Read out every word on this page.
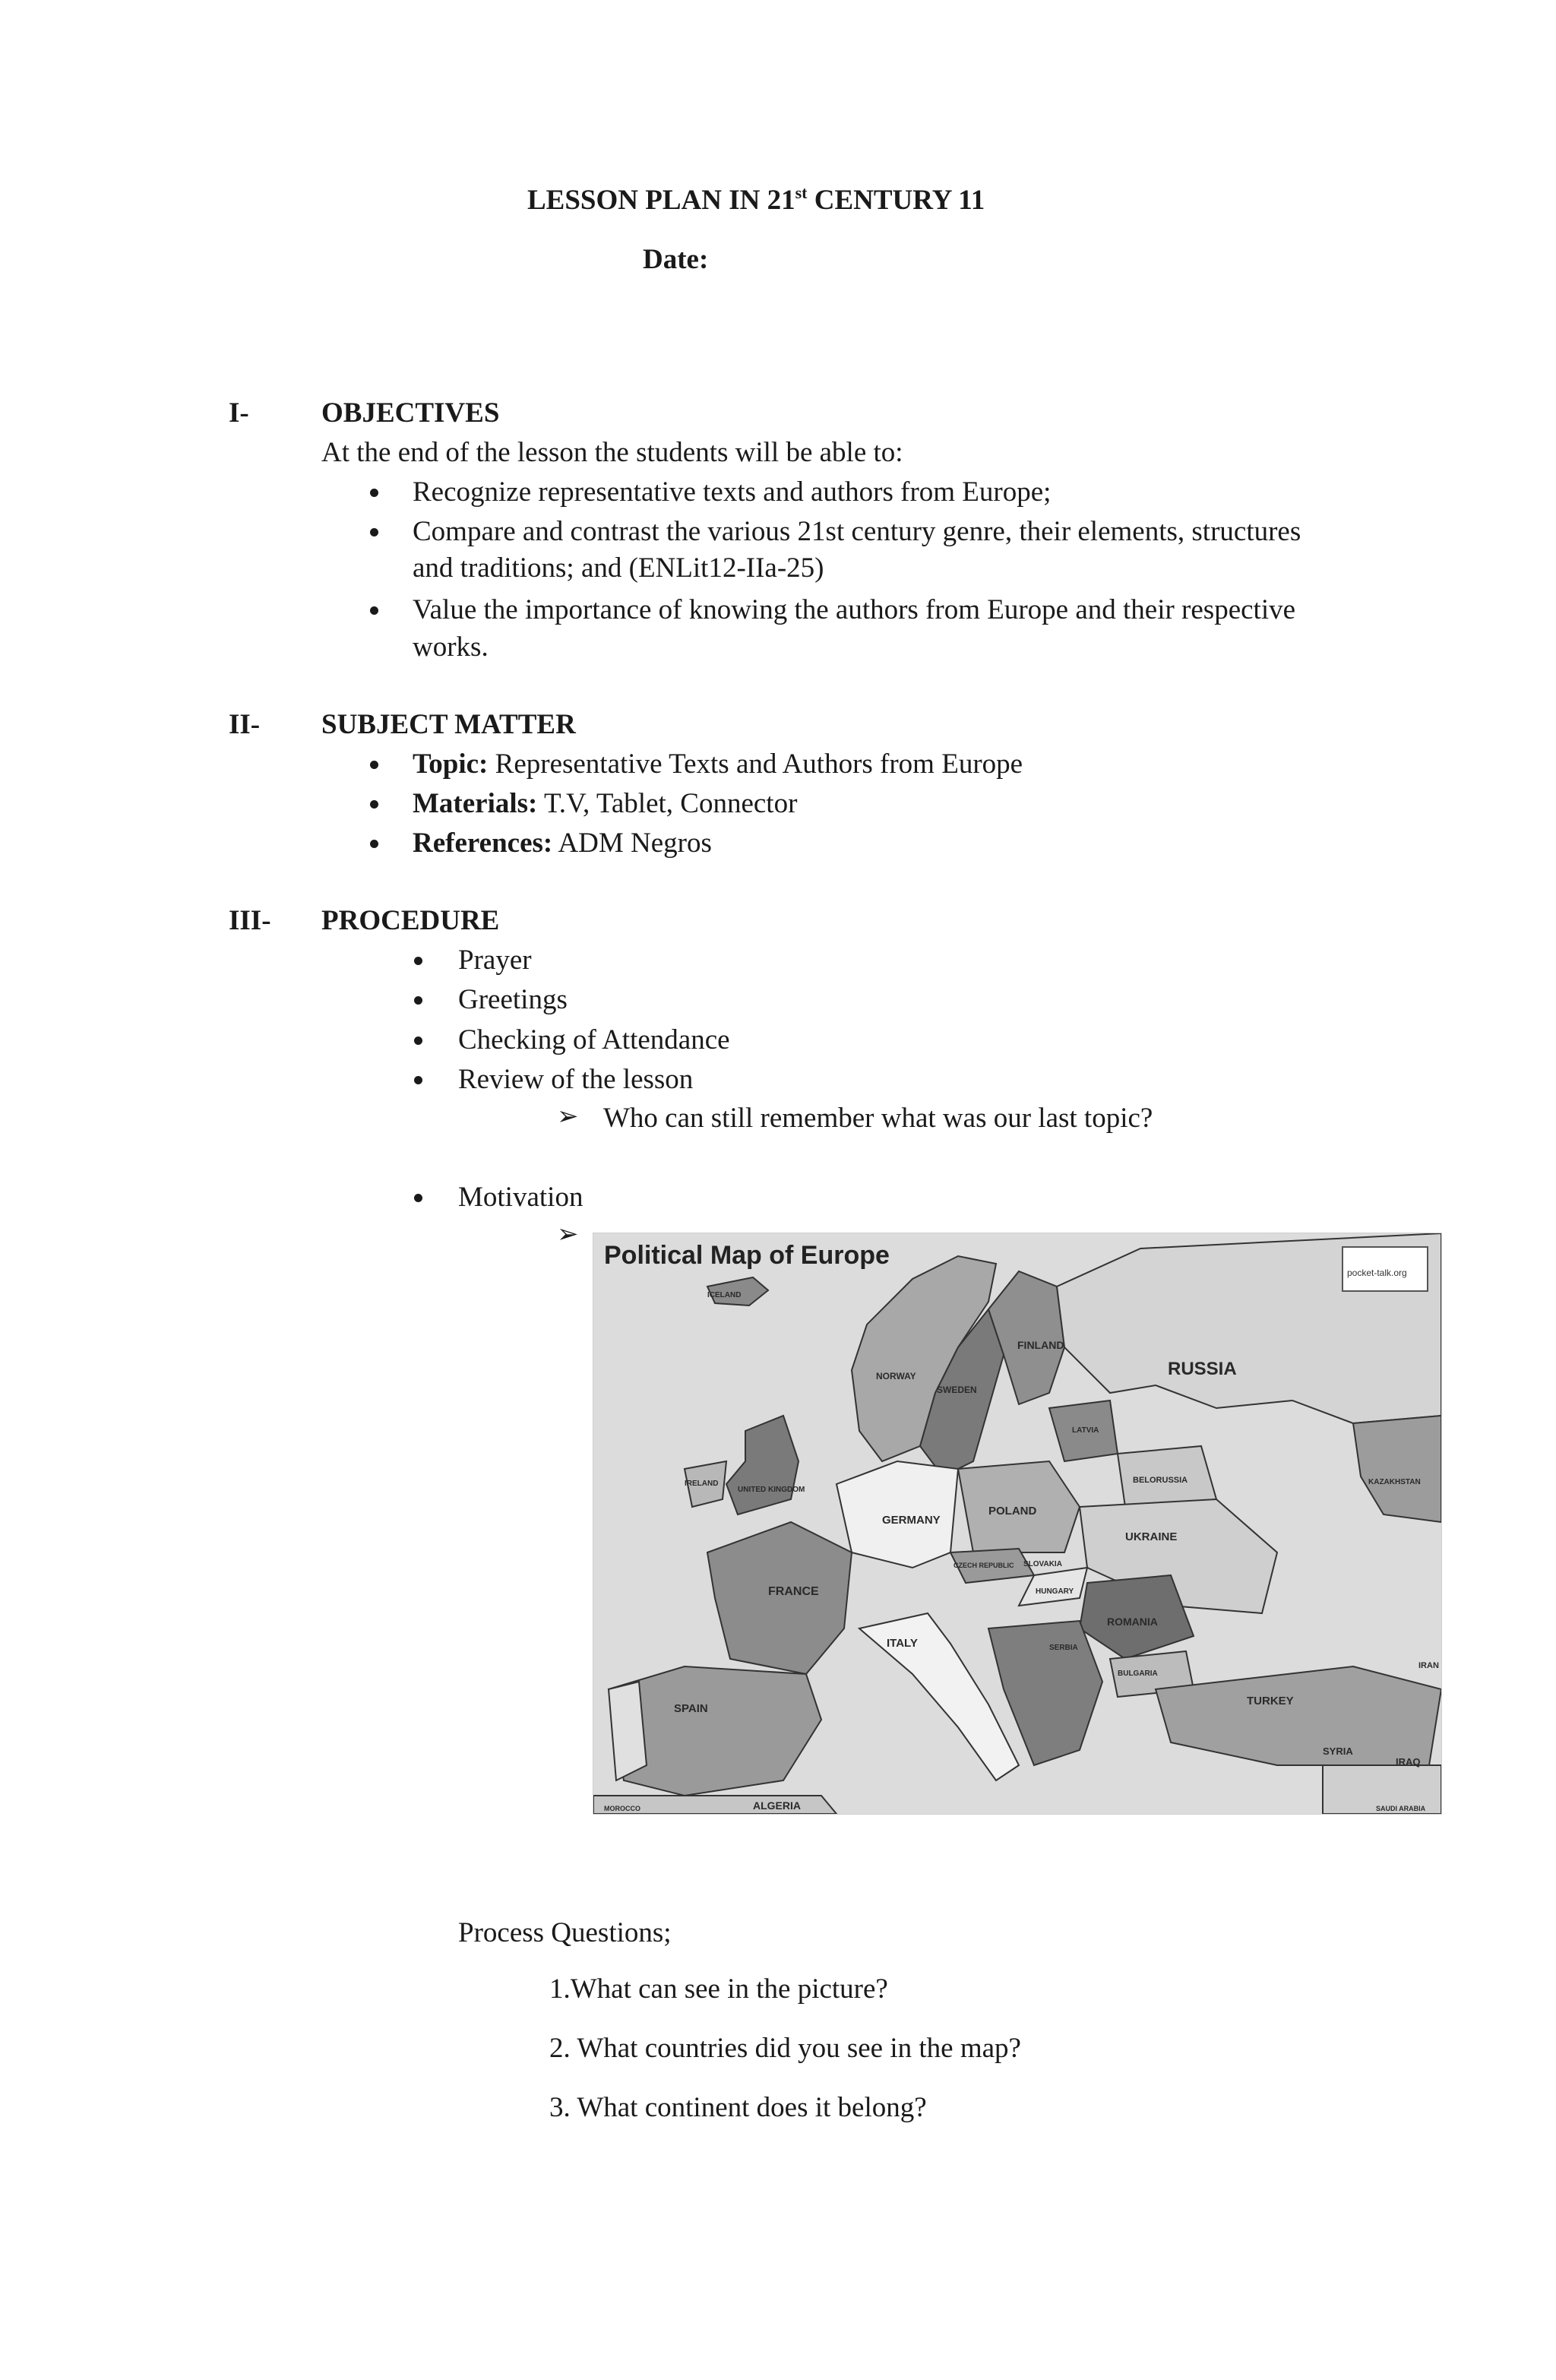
LESSON PLAN IN 21st CENTURY 11
Date:
I-	OBJECTIVES
At the end of the lesson the students will be able to:
Recognize representative texts and authors from Europe;
Compare and contrast the various 21st century genre, their elements, structures
and traditions; and (ENLit12-IIa-25)
Value the importance of knowing the authors from Europe and their respective
works.
II- SUBJECT MATTER
Topic: Representative Texts and Authors from Europe
Materials: T.V, Tablet, Connector
References: ADM Negros
III- PROCEDURE
Prayer
Greetings
Checking of Attendance
Review of the lesson
➢ Who can still remember what was our last topic?
Motivation
➢
Political Map of Europe
pocket-talk.org
ICELAND
NORWAY
SWEDEN
FINLAND
RUSSIA
LATVIA
BELORUSSIA	KAZAKHSTAN
IRELAND
UNITED KINGDOM
GERMANY
POLAND
UKRAINE
CZECH REPUBLIC SLOVAKIA
HUNGARY
FRANCE
ROMANIA
ITALY	SERBIA
BULGARIA
SPAIN
TURKEY
SYRIA
IRAQ
IRAN
ALGERIA
MOROCCO	SAUDI ARABIA
Process Questions;
1.What can see in the picture?
2. What countries did you see in the map?
3. What continent does it belong?
